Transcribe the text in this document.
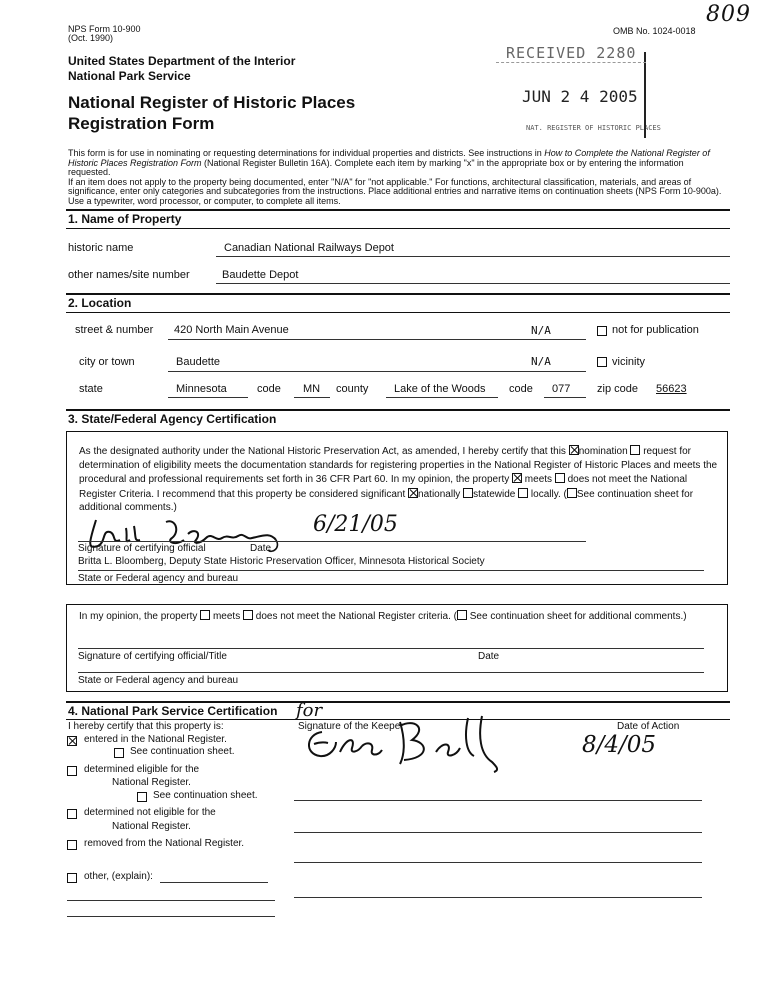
NPS Form 10-900
(Oct. 1990)
OMB No. 1024-0018
809
United States Department of the Interior
National Park Service
National Register of Historic Places
Registration Form
RECEIVED 2280
JUN 2 4 2005
NAT. REGISTER OF HISTORIC PLACES
This form is for use in nominating or requesting determinations for individual properties and districts. See instructions in How to Complete the National Register of
Historic Places Registration Form (National Register Bulletin 16A). Complete each item by marking "x" in the appropriate box or by entering the information requested.
If an item does not apply to the property being documented, enter "N/A" for "not applicable." For functions, architectural classification, materials, and areas of
significance, enter only categories and subcategories from the instructions. Place additional entries and narrative items on continuation sheets (NPS Form 10-900a).
Use a typewriter, word processor, or computer, to complete all items.
1. Name of Property
historic name	Canadian National Railways Depot
other names/site number	Baudette Depot
2. Location
street & number 420 North Main Avenue	N/A	not for publication
city or town	Baudette	N/A	vicinity
state	Minnesota	code MN county Lake of the Woods code 077 zip code 56623
3. State/Federal Agency Certification
As the designated authority under the National Historic Preservation Act, as amended, I hereby certify that this nomination request for
determination of eligibility meets the documentation standards for registering properties in the National Register of Historic Places and meets the
procedural and professional requirements set forth in 36 CFR Part 60. In my opinion, the property  meets does not meet the National
Register Criteria. I recommend that this property be considered significant nationally statewide locally. ( See continuation sheet for
additional comments.)
6/21/05
Signature of certifying official	Date
Britta L. Bloomberg, Deputy State Historic Preservation Officer, Minnesota Historical Society
State or Federal agency and bureau
In my opinion, the property meets does not meet the National Register criteria. ( See continuation sheet for additional comments.)
Signature of certifying official/Title	Date
State or Federal agency and bureau
4. National Park Service Certification
I hereby certify that this property is:	Signature of the Keeper	Date of Action
for
8/4/05
entered in the National Register.
See continuation sheet.
determined eligible for the
National Register.
See continuation sheet.
determined not eligible for the
National Register.
removed from the National Register.
other, (explain):
